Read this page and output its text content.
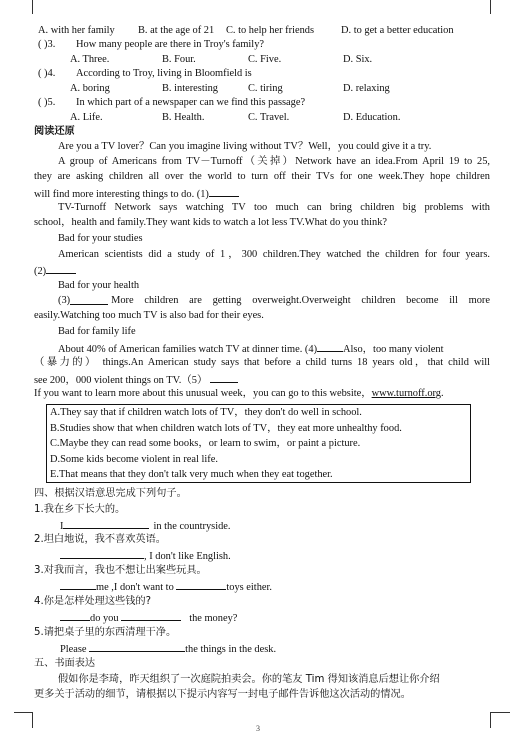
A. with her family B. at the age of 21 C. to help her friends	D. to get a better education
( )3. How many people are there in Troy's family?
A. Three.	B. Four.	C. Five.	D. Six.
( )4. According to Troy, living in Bloomfield is
A. boring	B. interesting	C. tiring	D. relaxing
( )5. In which part of a newspaper can we find this passage?
A. Life.	B. Health.	C. Travel.	D. Education.
阅读还原
Are you a TV lover？Can you imagine living without TV？Well，you could give it a try.
A group of Americans from TV－Turnoff（关掉）Network have an idea.From April 19 to 25,
they are asking children all over the world to turn off their TVs for one week.They hope children
will find more interesting things to do. (1)
TV-Turnoff Network says watching TV too much can bring children big problems with
school，health and family.They want kids to watch a lot less TV.What do you think?
Bad for your studies
American scientists did a study of 1，300 children.They watched the children for four years.
(2)
Bad for your health
(3)	More children are getting overweight.Overweight children become ill more
easily.Watching too much TV is also bad for their eyes.
Bad for family life
About 40% of American families watch TV at dinner time. (4)	Also，too many violent
（暴力的） things.An American study says that before a child turns 18 years old，that child will
see 200，000 violent things on TV.（5）
If you want to learn more about this unusual week，you can go to this website，www.turnoff.org.
A.They say that if children watch lots of TV，they don't do well in school.
B.Studies show that when children watch lots of TV，they eat more unhealthy food.
C.Maybe they can read some books，or learn to swim，or paint a picture.
D.Some kids become violent in real life.
E.That means that they don't talk very much when they eat together.
四、根据汉语意思完成下列句子。
1.我在乡下长大的。
I	in the countryside.
2.坦白地说，我不喜欢英语。
, I don't like English.
3.对我而言，我也不想让出案些玩具。
me ,I don't want to	toys either.
4.你是怎样处理这些钱的?
do you	the money?
5.请把桌子里的东西清理干净。
Please	the things in the desk.
五、书面表达
假如你是李琦，昨天组织了一次庭院拍卖会。你的笔友 Tim 得知该消息后想让你介绍
更多关于活动的细节，请根据以下提示内容写一封电子邮件告诉他这次活动的情况。
3
